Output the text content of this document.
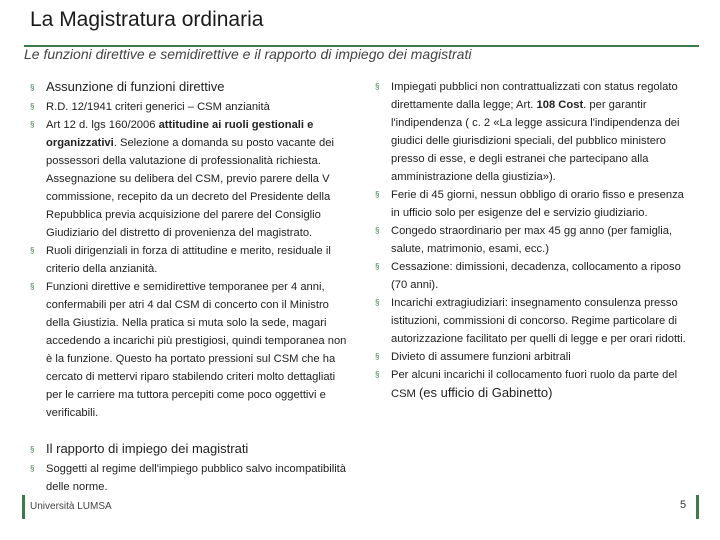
La Magistratura ordinaria
Le funzioni direttive e semidirettive e il rapporto di impiego dei magistrati
§ Assunzione di funzioni direttive
§ R.D. 12/1941 criteri generici – CSM anzianità
§ Art 12 d. lgs 160/2006 attitudine ai ruoli gestionali e organizzativi. Selezione a domanda su posto vacante dei possessori della valutazione di professionalità richiesta. Assegnazione su delibera del CSM, previo parere della V commissione, recepito da un decreto del Presidente della Repubblica previa acquisizione del parere del Consiglio Giudiziario del distretto di provenienza del magistrato.
§ Ruoli dirigenziali in forza di attitudine e merito, residuale il criterio della anzianità.
§ Funzioni direttive e semidirettive temporanee per 4 anni, confermabili per atri 4 dal CSM di concerto con il Ministro della Giustizia. Nella pratica si muta solo la sede, magari accedendo a incarichi più prestigiosi, quindi temporanea non è la funzione. Questo ha portato pressioni sul CSM che ha cercato di mettervi riparo stabilendo criteri molto dettagliati per le carriere ma tuttora percepiti come poco oggettivi e verificabili.
§ Il rapporto di impiego dei magistrati
§ Soggetti al regime dell'impiego pubblico salvo incompatibilità delle norme.
§ Impiegati pubblici non contrattualizzati con status regolato direttamente dalla legge; Art. 108 Cost. per garantir l'indipendenza ( c. 2 «La legge assicura l'indipendenza dei giudici delle giurisdizioni speciali, del pubblico ministero presso di esse, e degli estranei che partecipano alla amministrazione della giustizia»).
§ Ferie di 45 giorni, nessun obbligo di orario fisso e presenza in ufficio solo per esigenze del e servizio giudiziario.
§ Congedo straordinario per max 45 gg anno (per famiglia, salute, matrimonio, esami, ecc.)
§ Cessazione: dimissioni, decadenza, collocamento a riposo (70 anni).
§ Incarichi extragiudiziari: insegnamento consulenza presso istituzioni, commissioni di concorso. Regime particolare di autorizzazione facilitato per quelli di legge e per orari ridotti.
§ Divieto di assumere funzioni arbitrali
§ Per alcuni incarichi il collocamento fuori ruolo da parte del CSM (es ufficio di Gabinetto)
Università LUMSA	5
